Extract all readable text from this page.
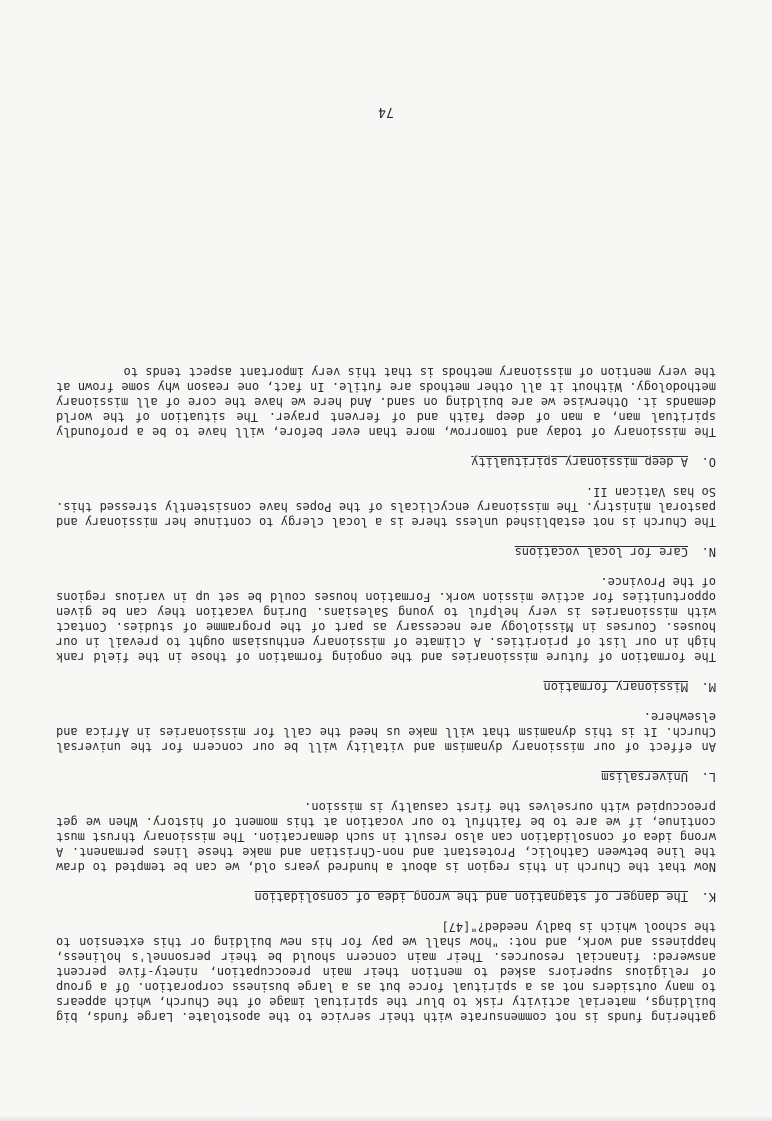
gathering funds is not commensurate with their service to the apostolate. Large funds, big buildings, material activity risk to blur the spiritual image of the Church, which appears to many outsiders not as a spiritual force but as a large business corporation. Of a group of religious superiors asked to mention their main preoccupation, ninety-five percent answered: financial resources. Their main concern should be their personnel's holiness, happiness and work, and not: "how shall we pay for his new building or this extension to the school which is badly needed?"[47]

K.
The danger of stagnation and the wrong idea of consolidation

Now that the Church in this region is about a hundred years old, we can be tempted to draw the line between Catholic, Protestant and non-Christian and make these lines permanent. A wrong idea of consolidation can also result in such demarcation. The missionary thrust must continue, if we are to be faithful to our vocation at this moment of history. When we get preoccupied with ourselves the first casualty is mission.

L.
Universalism

An effect of our missionary dynamism and vitality will be our concern for the universal Church. It is this dynamism that will make us heed the call for missionaries in Africa and elsewhere.

M.
Missionary formation

The formation of future missionaries and the ongoing formation of those in the field rank high in our list of priorities. A climate of missionary enthusiasm ought to prevail in our houses. Courses in Missiology are necessary as part of the programme of studies. Contact with missionaries is very helpful to young Salesians. During vacation they can be given opportunities for active mission work. Formation houses could be set up in various regions of the Province.

N.
Care for local vocations

The Church is not established unless there is a local clergy to continue her missionary and pastoral ministry. The missionary encyclicals of the Popes have consistently stressed this. So has Vatican II.

O.
A deep missionary spirituality

The missionary of today and tomorrow, more than ever before, will have to be a profoundly spiritual man, a man of deep faith and of fervent prayer. The situation of the world demands it. Otherwise we are building on sand. And here we have the core of all missionary methodology. Without it all other methods are futile. In fact, one reason why some frown at the very mention of missionary methods is that this very important aspect tends to

74
